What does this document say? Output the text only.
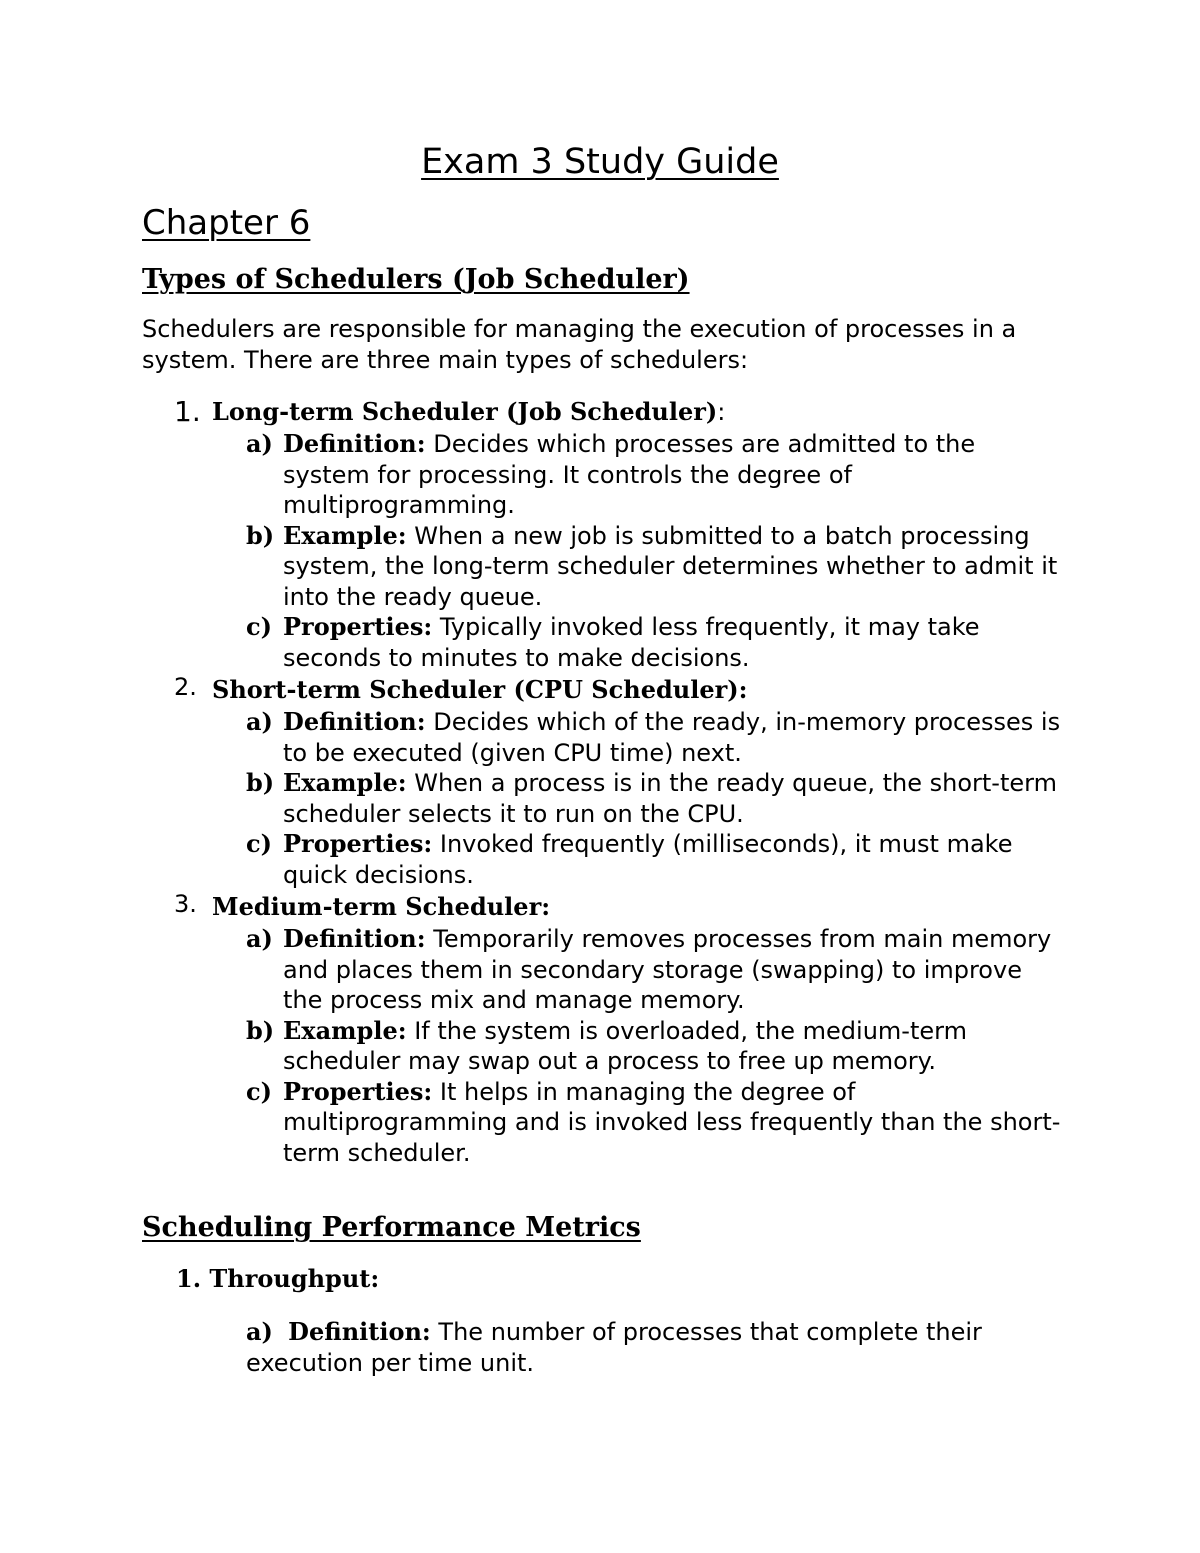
Exam 3 Study Guide
Chapter 6
Types of Schedulers (Job Scheduler)
Schedulers are responsible for managing the execution of processes in a system. There are three main types of schedulers:
1. Long-term Scheduler (Job Scheduler):
a) Definition: Decides which processes are admitted to the system for processing. It controls the degree of multiprogramming.
b) Example: When a new job is submitted to a batch processing system, the long-term scheduler determines whether to admit it into the ready queue.
c) Properties: Typically invoked less frequently, it may take seconds to minutes to make decisions.
2. Short-term Scheduler (CPU Scheduler):
a) Definition: Decides which of the ready, in-memory processes is to be executed (given CPU time) next.
b) Example: When a process is in the ready queue, the short-term scheduler selects it to run on the CPU.
c) Properties: Invoked frequently (milliseconds), it must make quick decisions.
3. Medium-term Scheduler:
a) Definition: Temporarily removes processes from main memory and places them in secondary storage (swapping) to improve the process mix and manage memory.
b) Example: If the system is overloaded, the medium-term scheduler may swap out a process to free up memory.
c) Properties: It helps in managing the degree of multiprogramming and is invoked less frequently than the short-term scheduler.
Scheduling Performance Metrics
1. Throughput:
a) Definition: The number of processes that complete their execution per time unit.
